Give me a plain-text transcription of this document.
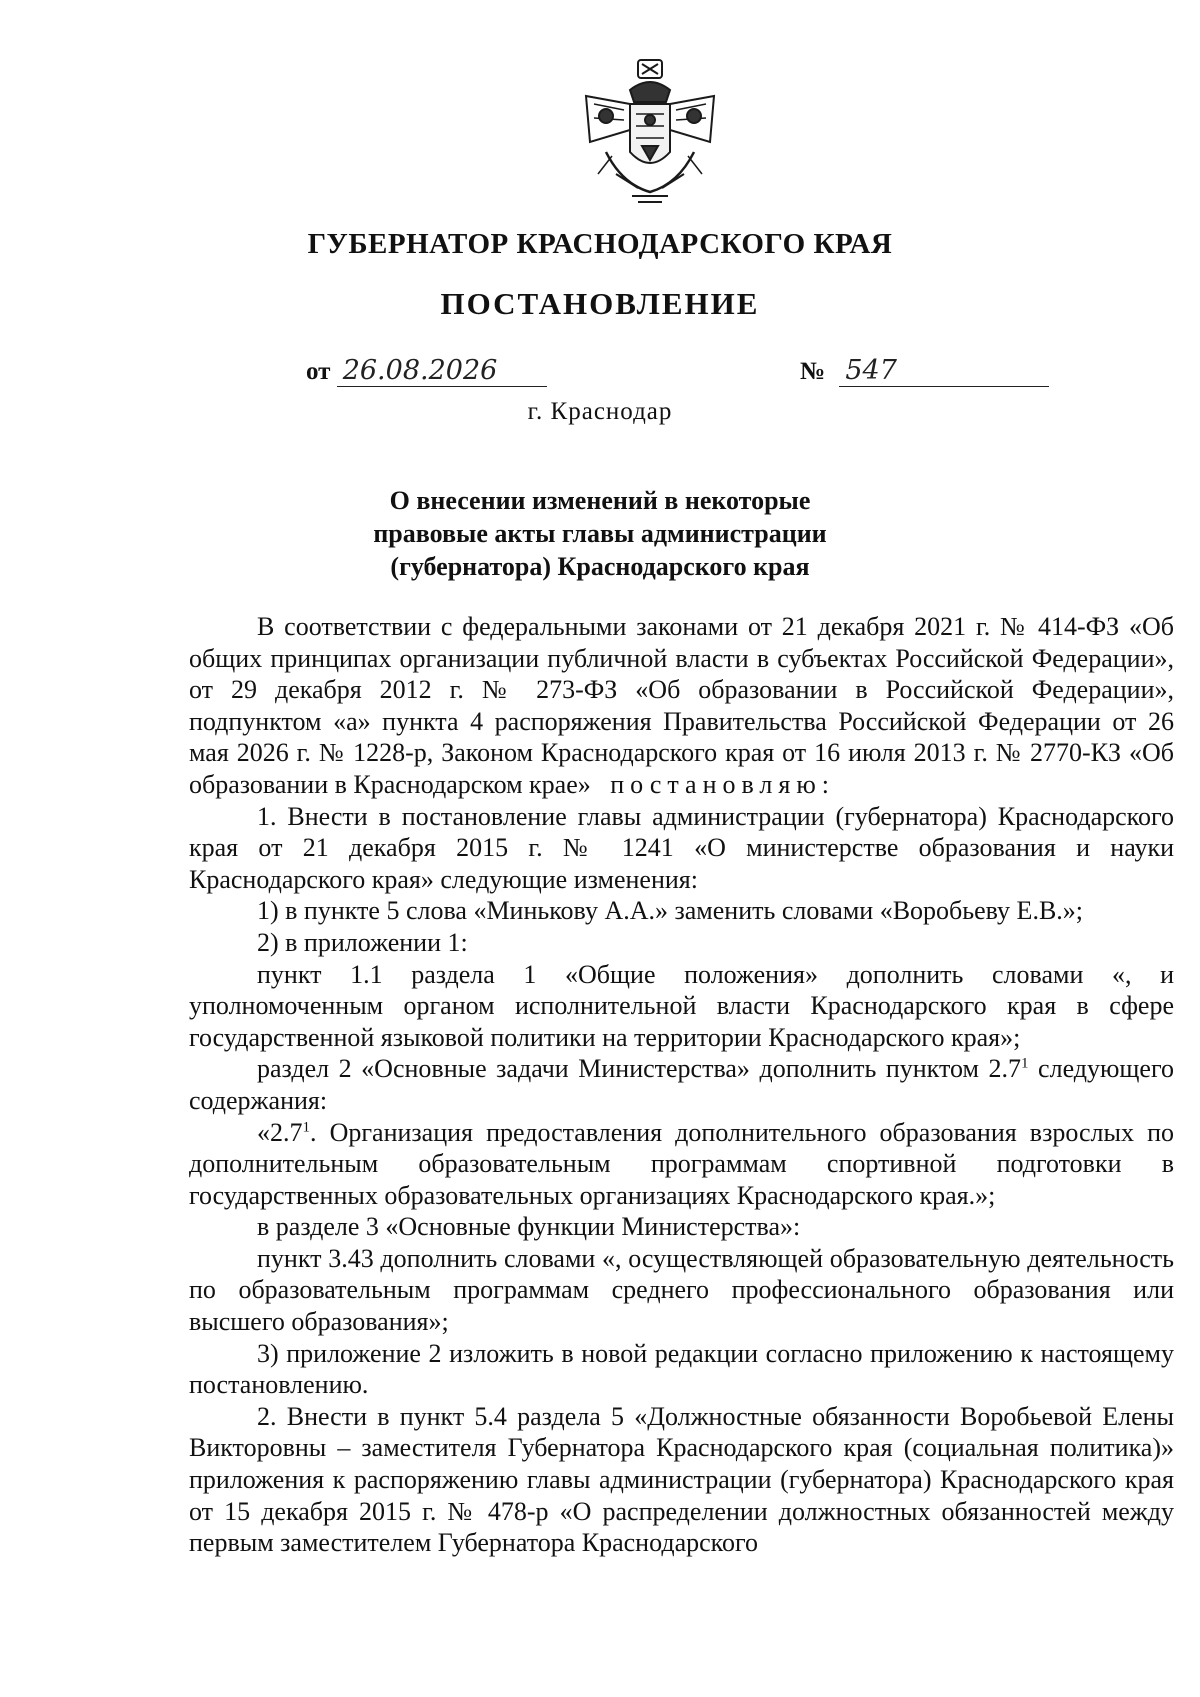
ГУБЕРНАТОР КРАСНОДАРСКОГО КРАЯ
ПОСТАНОВЛЕНИЕ
от 26.08.2026	№ 547
г. Краснодар
О внесении изменений в некоторые
правовые акты главы администрации
(губернатора) Краснодарского края

В соответствии с федеральными законами от 21 декабря 2021 г. № 414-ФЗ «Об общих принципах организации публичной власти в субъектах Российской Федерации», от 29 декабря 2012 г. № 273-ФЗ «Об образовании в Российской Федерации», подпунктом «а» пункта 4 распоряжения Правительства Российской Федерации от 26 мая 2026 г. № 1228-р, Законом Краснодарского края от 16 июля 2013 г. № 2770-КЗ «Об образовании в Краснодарском крае» постановляю:

1. Внести в постановление главы администрации (губернатора) Краснодарского края от 21 декабря 2015 г. № 1241 «О министерстве образования и науки Краснодарского края» следующие изменения:

1) в пункте 5 слова «Минькову А.А.» заменить словами «Воробьеву Е.В.»;

2) в приложении 1:

пункт 1.1 раздела 1 «Общие положения» дополнить словами «, и уполномоченным органом исполнительной власти Краснодарского края в сфере государственной языковой политики на территории Краснодарского края»;

раздел 2 «Основные задачи Министерства» дополнить пунктом $2.7^1$ следующего содержания:

«$2.7^1$. Организация предоставления дополнительного образования взрослых по дополнительным образовательным программам спортивной подготовки в государственных образовательных организациях Краснодарского края.»;

в разделе 3 «Основные функции Министерства»:

пункт 3.43 дополнить словами «, осуществляющей образовательную деятельность по образовательным программам среднего профессионального образования или высшего образования»;

3) приложение 2 изложить в новой редакции согласно приложению к настоящему постановлению.

2. Внести в пункт 5.4 раздела 5 «Должностные обязанности Воробьевой Елены Викторовны – заместителя Губернатора Краснодарского края (социальная политика)» приложения к распоряжению главы администрации (губернатора) Краснодарского края от 15 декабря 2015 г. № 478-р «О распределении должностных обязанностей между первым заместителем Губернатора Краснодарского
